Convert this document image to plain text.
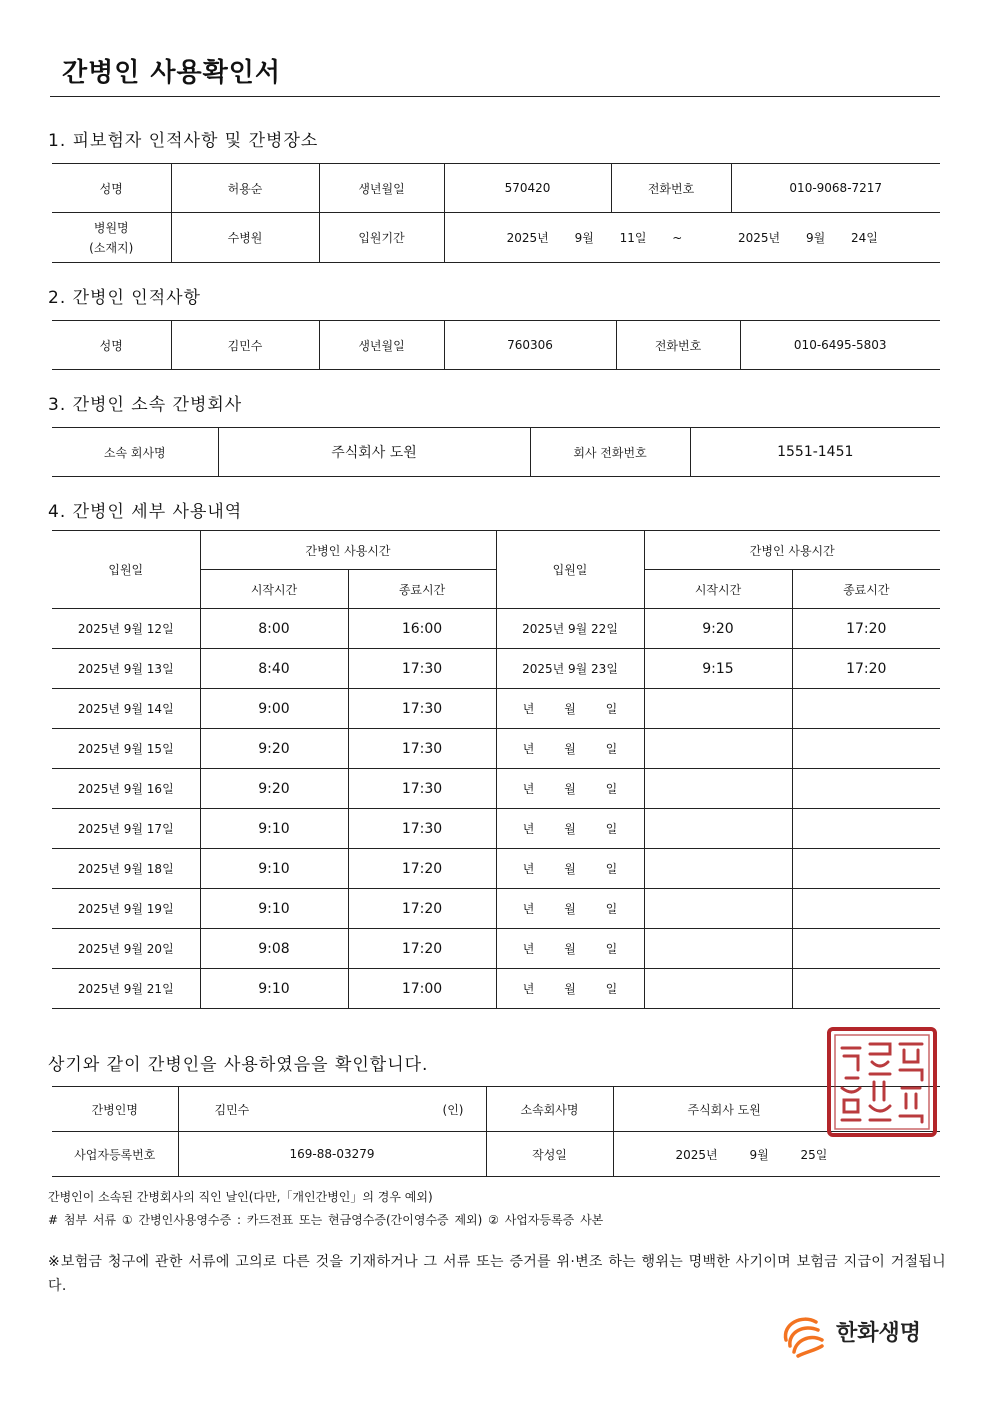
간병인 사용확인서
1. 피보험자 인적사항 및 간병장소
성명	허용순	생년월일	570420	전화번호	010-9068-7217

병원명
(소재지)	수병원	입원기간	2025년 9월 11일 ~ 2025년 9월 24일		
2. 간병인 인적사항
성명	김민수	생년월일	760306	전화번호	010-6495-5803
3. 간병인 소속 간병회사
소속 회사명	주식회사 도원	회사 전화번호	1551-1451
4. 간병인 세부 사용내역
입원일	간병인 사용시간		입원일	간병인 사용시간	
	시작시간	종료시간		시작시간	종료시간
2025년 9월 12일	8:00	16:00	2025년 9월 22일	9:20	17:20
2025년 9월 13일	8:40	17:30	2025년 9월 23일	9:15	17:20
2025년 9월 14일	9:00	17:30	년 월 일		
2025년 9월 15일	9:20	17:30	년 월 일		
2025년 9월 16일	9:20	17:30	년 월 일		
2025년 9월 17일	9:10	17:30	년 월 일		
2025년 9월 18일	9:10	17:20	년 월 일		
2025년 9월 19일	9:10	17:20	년 월 일		
2025년 9월 20일	9:08	17:20	년 월 일		
2025년 9월 21일	9:10	17:00	년 월 일		
상기와 같이 간병인을 사용하였음을 확인합니다.
간병인명	김민수 (인)	소속회사명	주식회사 도원
사업자등록번호	169-88-03279	작성일	2025년 9월 25일
간병인이 소속된 간병회사의 직인 날인(다만,「개인간병인」의 경우 예외)
# 첨부 서류 ① 간병인사용영수증 : 카드전표 또는 현금영수증(간이영수증 제외) ② 사업자등록증 사본
※보험금 청구에 관한 서류에 고의로 다른 것을 기재하거나 그 서류 또는 증거를 위·변조 하는 행위는 명백한 사기이며 보험금 지급이 거절됩니다.
한화생명
